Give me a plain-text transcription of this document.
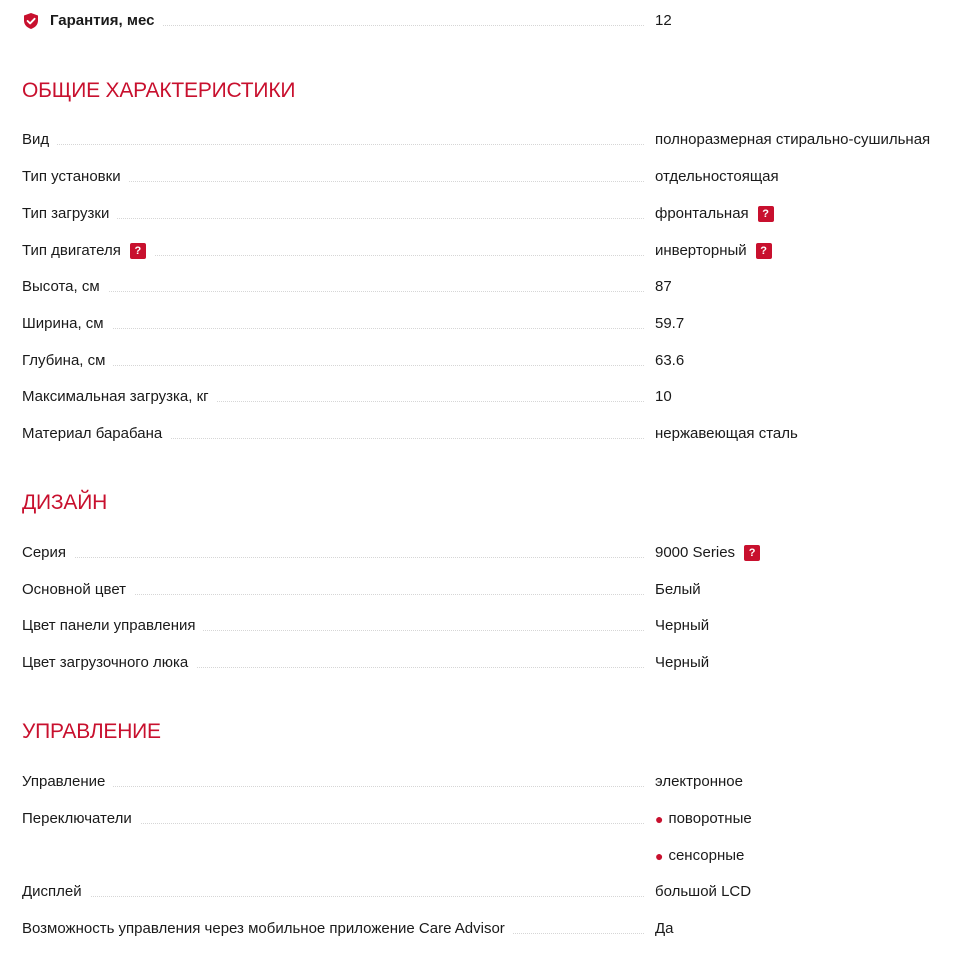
Гарантия, мес	12
ОБЩИЕ ХАРАКТЕРИСТИКИ
Вид	полноразмерная стирально-сушильная
Тип установки	отдельностоящая
Тип загрузки	фронтальная	?
Тип двигателя	?	инверторный	?
Высота, см	87
Ширина, см	59.7
Глубина, см	63.6
Максимальная загрузка, кг	10
Материал барабана	нержавеющая сталь
ДИЗАЙН
Серия	9000 Series	?
Основной цвет	Белый
Цвет панели управления	Черный
Цвет загрузочного люка	Черный
УПРАВЛЕНИЕ
Управление	электронное
Переключатели	● поворотные
● сенсорные
Дисплей	большой LCD
Возможность управления через мобильное приложение Care Advisor	Да
